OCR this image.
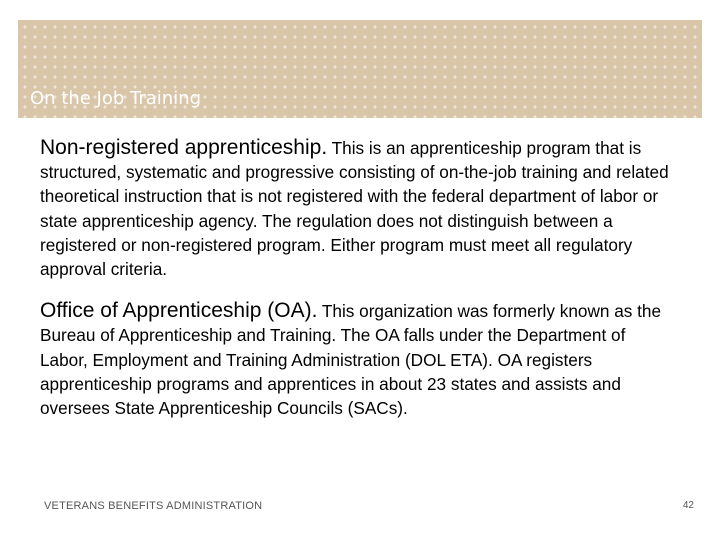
On the Job Training

Non-registered apprenticeship. This is an apprenticeship program that is structured, systematic and progressive consisting of on-the-job training and related theoretical instruction that is not registered with the federal department of labor or state apprenticeship agency. The regulation does not distinguish between a registered or non-registered program. Either program must meet all regulatory approval criteria.

Office of Apprenticeship (OA). This organization was formerly known as the Bureau of Apprenticeship and Training. The OA falls under the Department of Labor, Employment and Training Administration (DOL ETA). OA registers apprenticeship programs and apprentices in about 23 states and assists and oversees State Apprenticeship Councils (SACs).

VETERANS BENEFITS ADMINISTRATION	42
